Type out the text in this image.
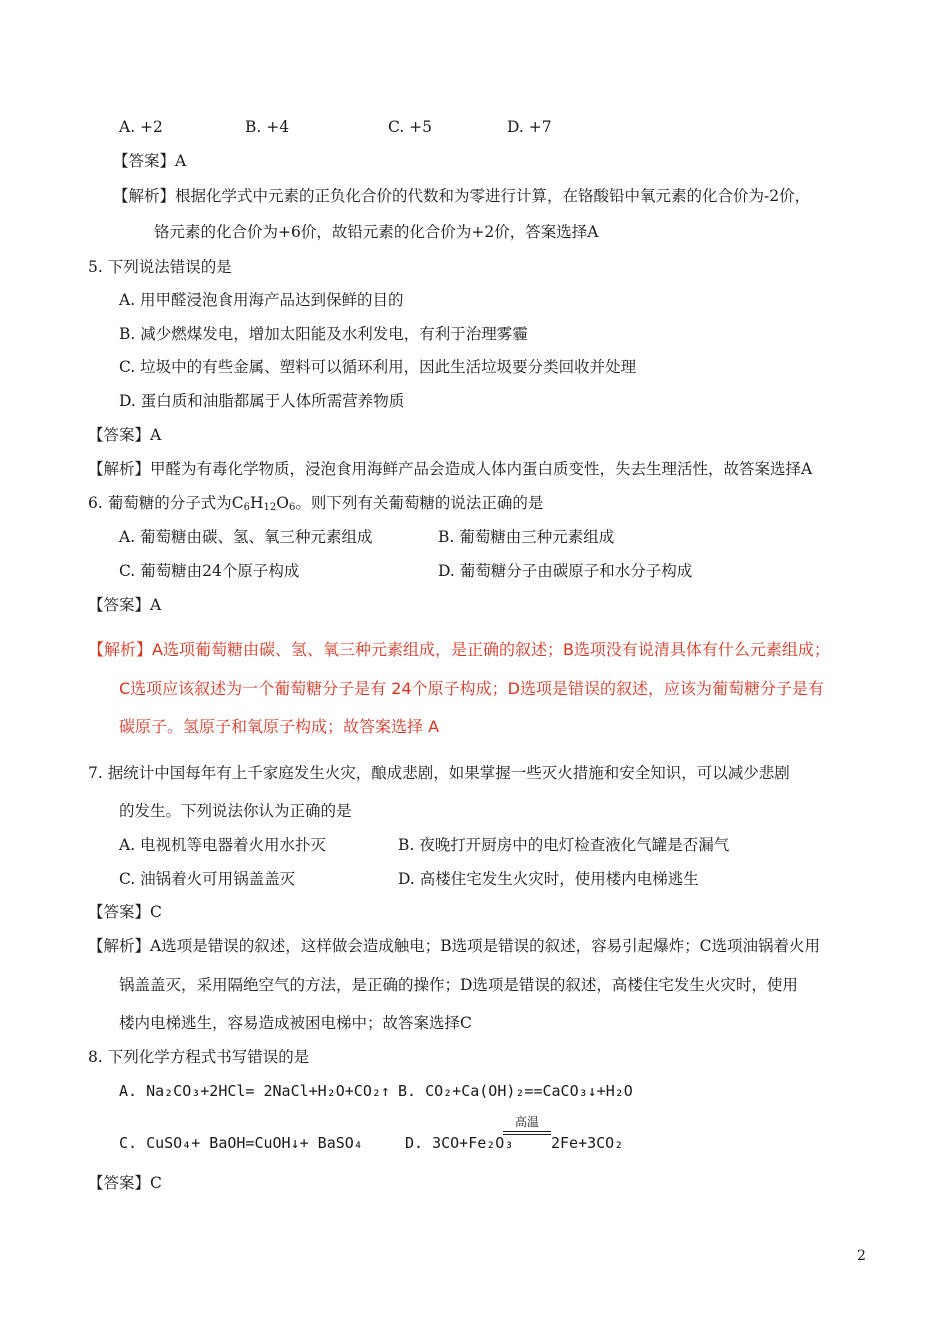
A. +2	B. +4	C. +5	D. +7
【答案】A
【解析】根据化学式中元素的正负化合价的代数和为零进行计算，在铬酸铅中氧元素的化合价为-2价，
铬元素的化合价为+6价，故铅元素的化合价为+2价，答案选择A
5. 下列说法错误的是
A. 用甲醛浸泡食用海产品达到保鲜的目的
B. 减少燃煤发电，增加太阳能及水利发电，有利于治理雾霾
C. 垃圾中的有些金属、塑料可以循环利用，因此生活垃圾要分类回收并处理
D. 蛋白质和油脂都属于人体所需营养物质
【答案】A
【解析】甲醛为有毒化学物质，浸泡食用海鲜产品会造成人体内蛋白质变性，失去生理活性，故答案选择A
6. 葡萄糖的分子式为$C_6H_{12}O_6$。则下列有关葡萄糖的说法正确的是
A. 葡萄糖由碳、氢、氧三种元素组成	B. 葡萄糖由三种元素组成
C. 葡萄糖由24个原子构成	D. 葡萄糖分子由碳原子和水分子构成
【答案】A
【解析】A选项葡萄糖由碳、氢、氧三种元素组成，是正确的叙述；B选项没有说清具体有什么元素组成；
C选项应该叙述为一个葡萄糖分子是有 24个原子构成；D选项是错误的叙述，应该为葡萄糖分子是有
碳原子。氢原子和氧原子构成；故答案选择 A
7. 据统计中国每年有上千家庭发生火灾，酿成悲剧，如果掌握一些灭火措施和安全知识，可以减少悲剧
的发生。下列说法你认为正确的是
A. 电视机等电器着火用水扑灭	B. 夜晚打开厨房中的电灯检查液化气罐是否漏气
C. 油锅着火可用锅盖盖灭	D. 高楼住宅发生火灾时，使用楼内电梯逃生
【答案】C
【解析】A选项是错误的叙述，这样做会造成触电；B选项是错误的叙述，容易引起爆炸；C选项油锅着火用
锅盖盖灭，采用隔绝空气的方法，是正确的操作；D选项是错误的叙述，高楼住宅发生火灾时，使用
楼内电梯逃生，容易造成被困电梯中；故答案选择C
8. 下列化学方程式书写错误的是
A. Na₂CO₃+2HCl= 2NaCl+H₂O+CO₂↑ B. CO₂+Ca(OH)₂==CaCO₃↓+H₂O
C. CuSO₄+ BaOH=CuOH↓+ BaSO₄	D. 3CO+Fe₂O₃
高温
2Fe+3CO₂
【答案】C
2
